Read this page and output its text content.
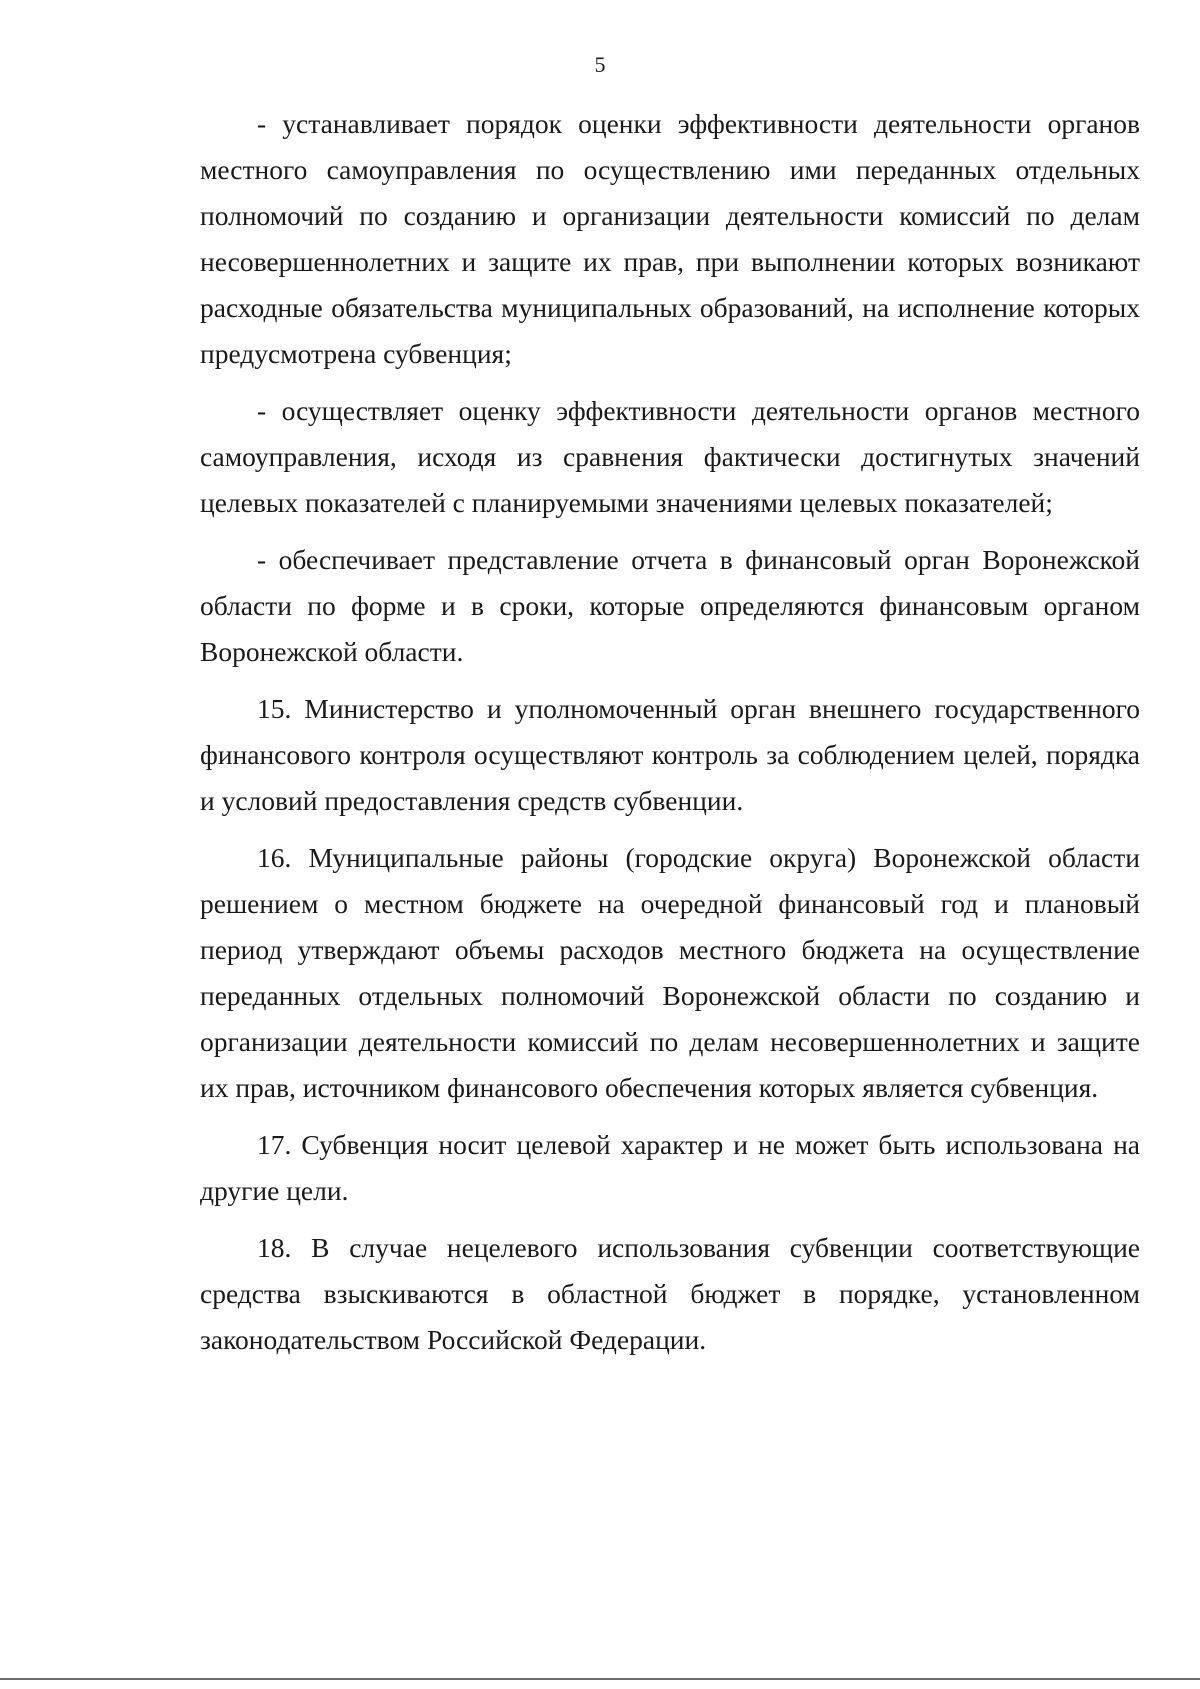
5

- устанавливает порядок оценки эффективности деятельности органов местного самоуправления по осуществлению ими переданных отдельных полномочий по созданию и организации деятельности комиссий по делам несовершеннолетних и защите их прав, при выполнении которых возникают расходные обязательства муниципальных образований, на исполнение которых предусмотрена субвенция;

- осуществляет оценку эффективности деятельности органов местного самоуправления, исходя из сравнения фактически достигнутых значений целевых показателей с планируемыми значениями целевых показателей;

- обеспечивает представление отчета в финансовый орган Воронежской области по форме и в сроки, которые определяются финансовым органом Воронежской области.

15. Министерство и уполномоченный орган внешнего государственного финансового контроля осуществляют контроль за соблюдением целей, порядка и условий предоставления средств субвенции.

16. Муниципальные районы (городские округа) Воронежской области решением о местном бюджете на очередной финансовый год и плановый период утверждают объемы расходов местного бюджета на осуществление переданных отдельных полномочий Воронежской области по созданию и организации деятельности комиссий по делам несовершеннолетних и защите их прав, источником финансового обеспечения которых является субвенция.

17. Субвенция носит целевой характер и не может быть использована на другие цели.

18. В случае нецелевого использования субвенции соответствующие средства взыскиваются в областной бюджет в порядке, установленном законодательством Российской Федерации.
